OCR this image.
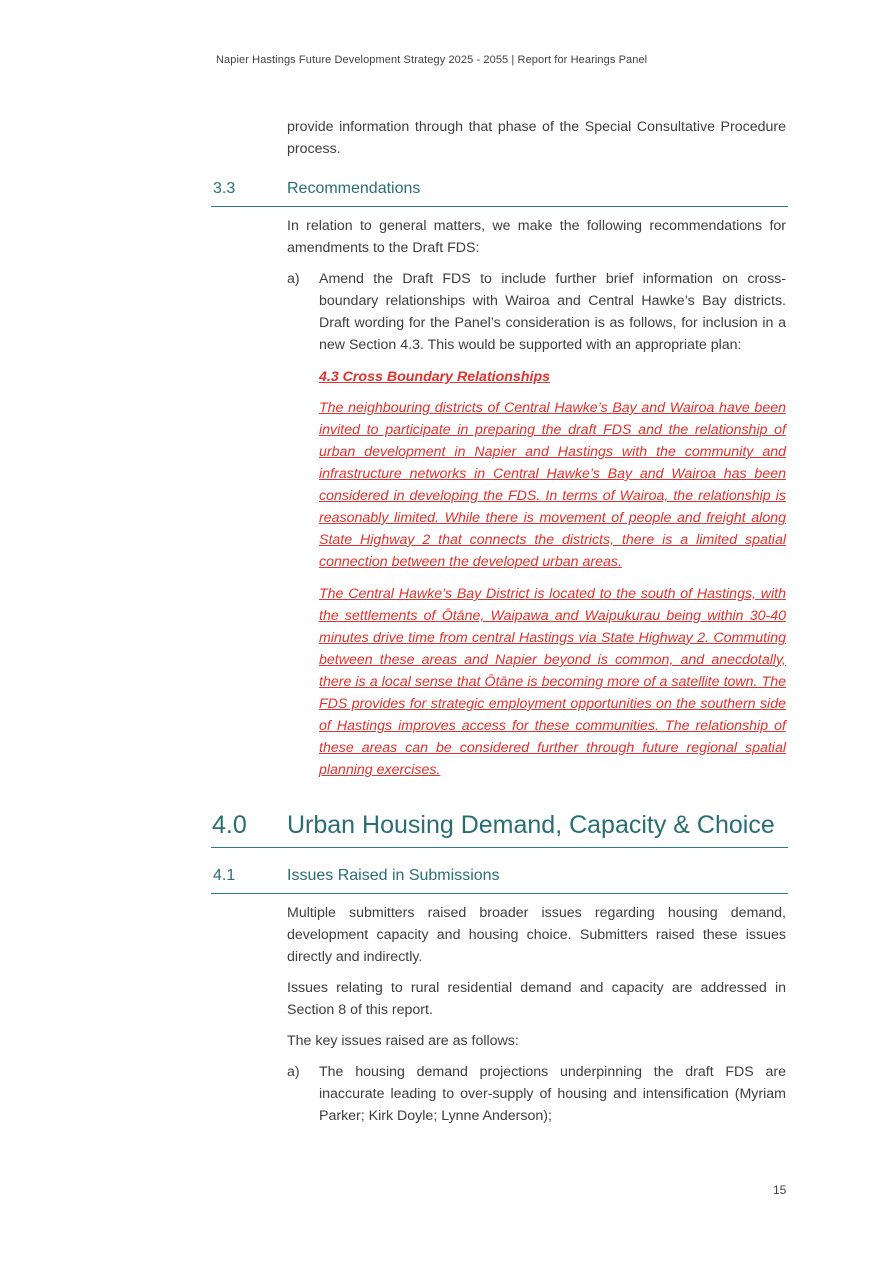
Napier Hastings Future Development Strategy 2025 - 2055 | Report for Hearings Panel

provide information through that phase of the Special Consultative Procedure process.

3.3	Recommendations

In relation to general matters, we make the following recommendations for amendments to the Draft FDS:

a) Amend the Draft FDS to include further brief information on cross-boundary relationships with Wairoa and Central Hawke’s Bay districts. Draft wording for the Panel’s consideration is as follows, for inclusion in a new Section 4.3. This would be supported with an appropriate plan:
4.3 Cross Boundary Relationships
The neighbouring districts of Central Hawke’s Bay and Wairoa have been invited to participate in preparing the draft FDS and the relationship of urban development in Napier and Hastings with the community and infrastructure networks in Central Hawke’s Bay and Wairoa has been considered in developing the FDS. In terms of Wairoa, the relationship is reasonably limited. While there is movement of people and freight along State Highway 2 that connects the districts, there is a limited spatial connection between the developed urban areas.
The Central Hawke’s Bay District is located to the south of Hastings, with the settlements of Ōtāne, Waipawa and Waipukurau being within 30-40 minutes drive time from central Hastings via State Highway 2. Commuting between these areas and Napier beyond is common, and anecdotally, there is a local sense that Ōtāne is becoming more of a satellite town. The FDS provides for strategic employment opportunities on the southern side of Hastings improves access for these communities. The relationship of these areas can be considered further through future regional spatial planning exercises.
4.0 Urban Housing Demand, Capacity & Choice
4.1	Issues Raised in Submissions

Multiple submitters raised broader issues regarding housing demand, development capacity and housing choice. Submitters raised these issues directly and indirectly.

Issues relating to rural residential demand and capacity are addressed in Section 8 of this report.

The key issues raised are as follows:

a) The housing demand projections underpinning the draft FDS are inaccurate leading to over-supply of housing and intensification (Myriam Parker; Kirk Doyle; Lynne Anderson);
15
